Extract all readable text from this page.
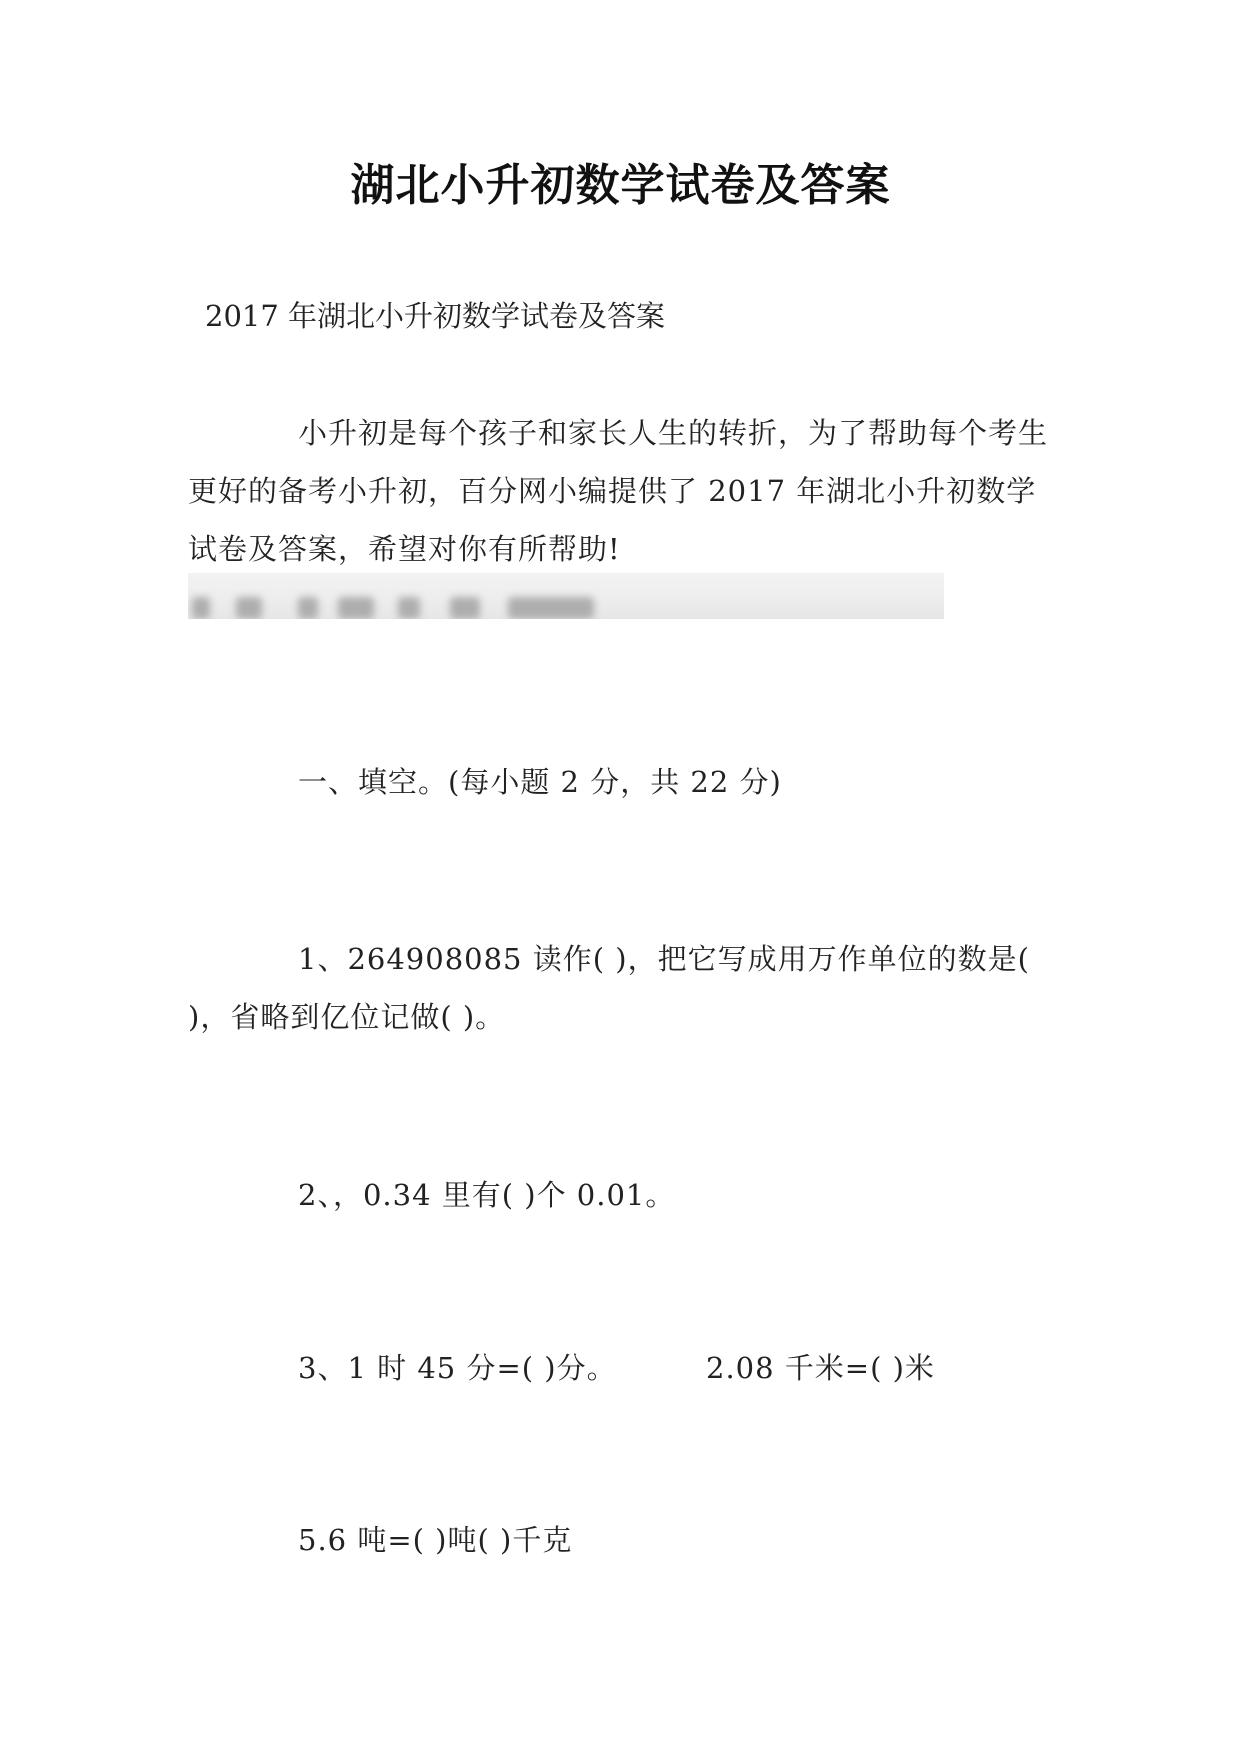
湖北小升初数学试卷及答案
2017 年湖北小升初数学试卷及答案
小升初是每个孩子和家长人生的转折，为了帮助每个考生更好的备考小升初，百分网小编提供了 2017 年湖北小升初数学试卷及答案，希望对你有所帮助!
一、填空。(每小题 2 分，共 22 分)
1、264908085 读作( )，把它写成用万作单位的数是( )，省略到亿位记做( )。
2、，0.34 里有( )个 0.01。
3、1 时 45 分=( )分。	2.08 千米=( )米
5.6 吨=( )吨( )千克
